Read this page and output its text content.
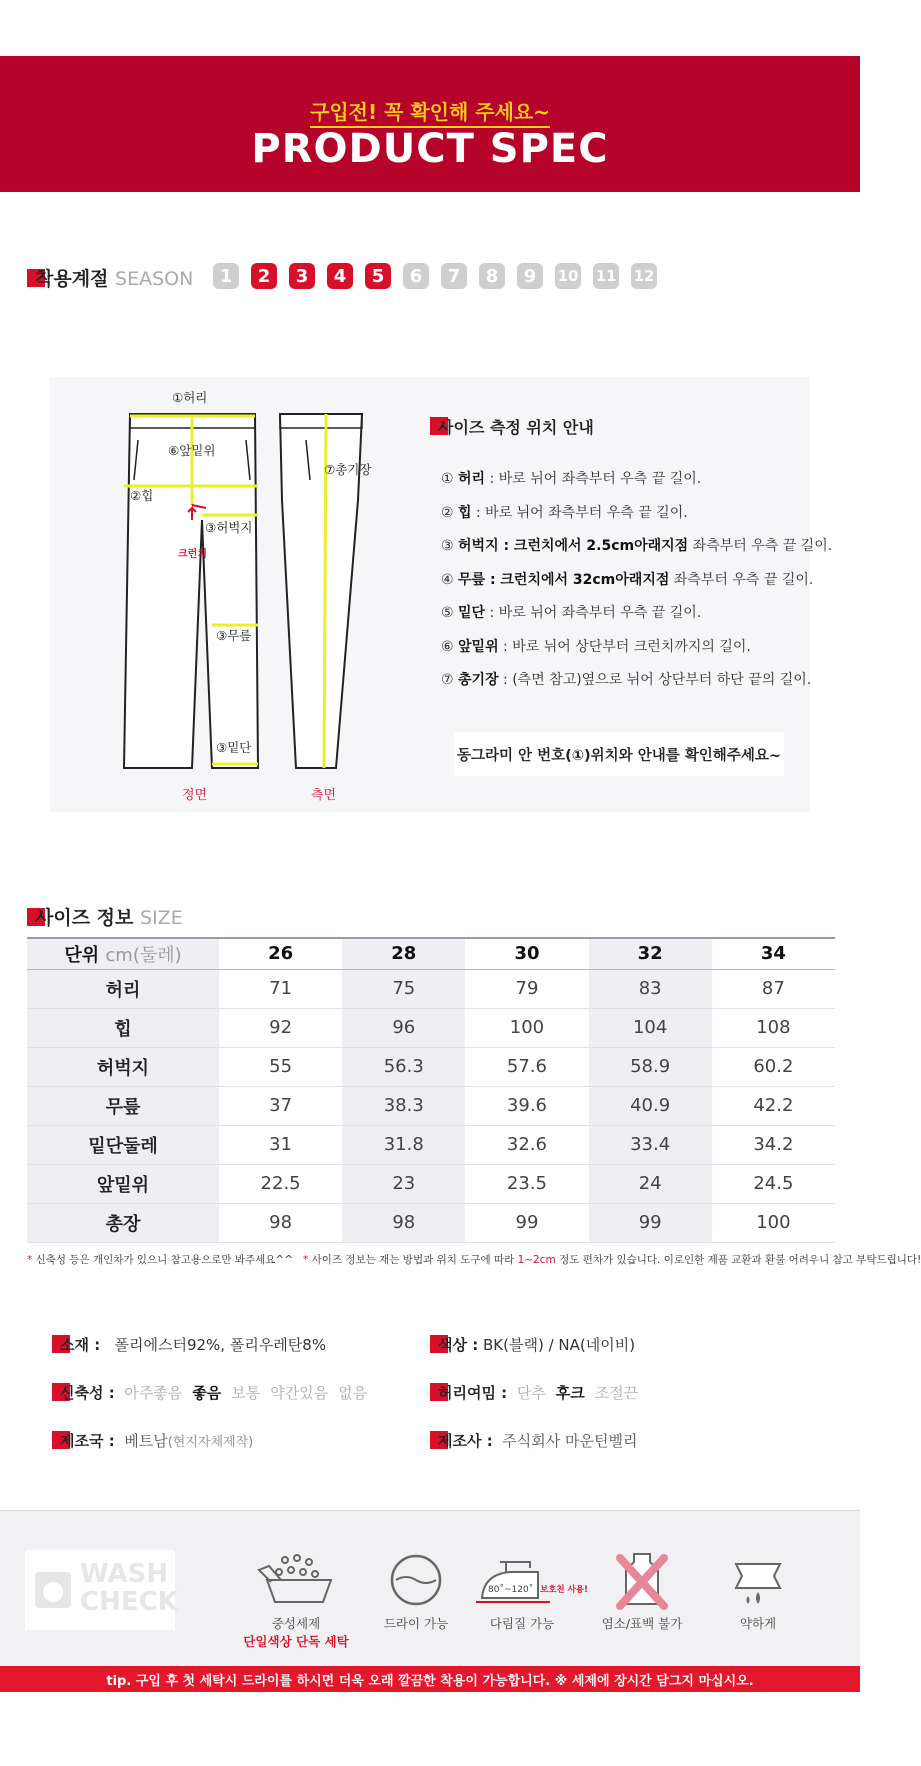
구입전! 꼭 확인해 주세요~
PRODUCT SPEC
착용계절 SEASON	1	2	3	4	5	6	7	8	9	10 11 12
①허리
⑥앞밑위
②힙
③허벅지
③무릎
③밑단
⑦총기장
크런치
정면	측면
사이즈 측정 위치 안내
① 허리 : 바로 뉘어 좌측부터 우측 끝 길이.
② 힙 : 바로 뉘어 좌측부터 우측 끝 길이.
③ 허벅지 : 크런치에서 2.5cm아래지점 좌측부터 우측 끝 길이.
④ 무릎 : 크런치에서 32cm아래지점 좌측부터 우측 끝 길이.
⑤ 밑단 : 바로 뉘어 좌측부터 우측 끝 길이.
⑥ 앞밑위 : 바로 뉘어 상단부터 크런치까지의 길이.
⑦ 총기장 : (측면 참고)옆으로 뉘어 상단부터 하단 끝의 길이.
동그라미 안 번호(①)위치와 안내를 확인해주세요~
사이즈 정보 SIZE
단위 cm(둘레)	26	28	30	32	34
허리	71	75	79	83	87
힙	92	96	100	104	108
허벅지	55	56.3	57.6	58.9	60.2
무릎	37	38.3	39.6	40.9	42.2
밑단둘레	31	31.8	32.6	33.4	34.2
앞밑위	22.5	23	23.5	24	24.5
총장	98	98	99	99	100
* 신축성 등은 개인차가 있으니 참고용으로만 봐주세요^^ * 사이즈 정보는 재는 방법과 위치 도구에 따라 1~2cm 정도 편차가 있습니다. 이로인한 제품 교환과 환불 어려우니 참고 부탁드립니다!
소재 : 폴리에스터92%, 폴리우레탄8%	색상 : BK(블랙) / NA(네이비)
신축성 : 아주좋음 좋음 보통 약간있음 없음	허리여밈 : 단추 후크 조절끈
제조국 : 베트남(현지자체제작)	제조사 : 주식회사 마운틴벨리
WASH CHECK
중성세제
단일색상 단독 세탁
드라이 가능
80˚~120˚ 보호천 사용!
다림질 가능	염소/표백 불가	약하게
tip. 구입 후 첫 세탁시 드라이를 하시면 더욱 오래 깔끔한 착용이 가능합니다. ※ 세제에 장시간 담그지 마십시오.
